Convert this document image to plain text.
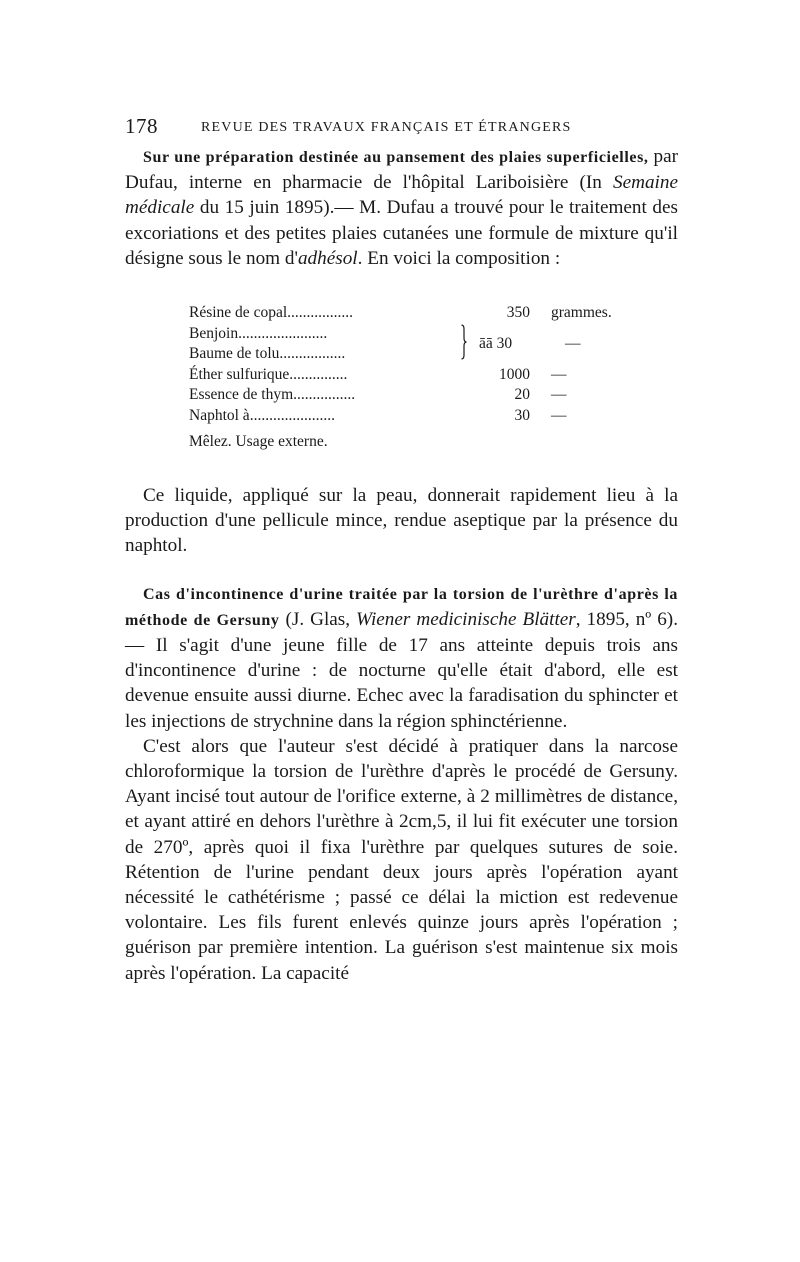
178	REVUE DES TRAVAUX FRANÇAIS ET ÉTRANGERS

Sur une préparation destinée au pansement des plaies superficielles, par Dufau, interne en pharmacie de l'hôpital Lariboisière (In Semaine médicale du 15 juin 1895).— M. Dufau a trouvé pour le traitement des excoriations et des petites plaies cutanées une formule de mixture qu'il désigne sous le nom d'adhésol. En voici la composition :

Résine de copal.................	350 grammes.
Benjoin.......................
Baume de tolu.................
āā 30	—
Éther sulfurique...............	1000 —
Essence de thym................	20 —
Naphtol à......................	30 —
Mêlez. Usage externe.

Ce liquide, appliqué sur la peau, donnerait rapidement lieu à la production d'une pellicule mince, rendue aseptique par la présence du naphtol.

Cas d'incontinence d'urine traitée par la torsion de l'urèthre d'après la méthode de Gersuny (J. Glas, Wiener medicinische Blätter, 1895, nº 6). — Il s'agit d'une jeune fille de 17 ans atteinte depuis trois ans d'incontinence d'urine : de nocturne qu'elle était d'abord, elle est devenue ensuite aussi diurne. Echec avec la faradisation du sphincter et les injections de strychnine dans la région sphinctérienne.

C'est alors que l'auteur s'est décidé à pratiquer dans la narcose chloroformique la torsion de l'urèthre d'après le procédé de Gersuny. Ayant incisé tout autour de l'orifice externe, à 2 millimètres de distance, et ayant attiré en dehors l'urèthre à 2cm,5, il lui fit exécuter une torsion de 270º, après quoi il fixa l'urèthre par quelques sutures de soie. Rétention de l'urine pendant deux jours après l'opération ayant nécessité le cathétérisme ; passé ce délai la miction est redevenue volontaire. Les fils furent enlevés quinze jours après l'opération ; guérison par première intention. La guérison s'est maintenue six mois après l'opération. La capacité
